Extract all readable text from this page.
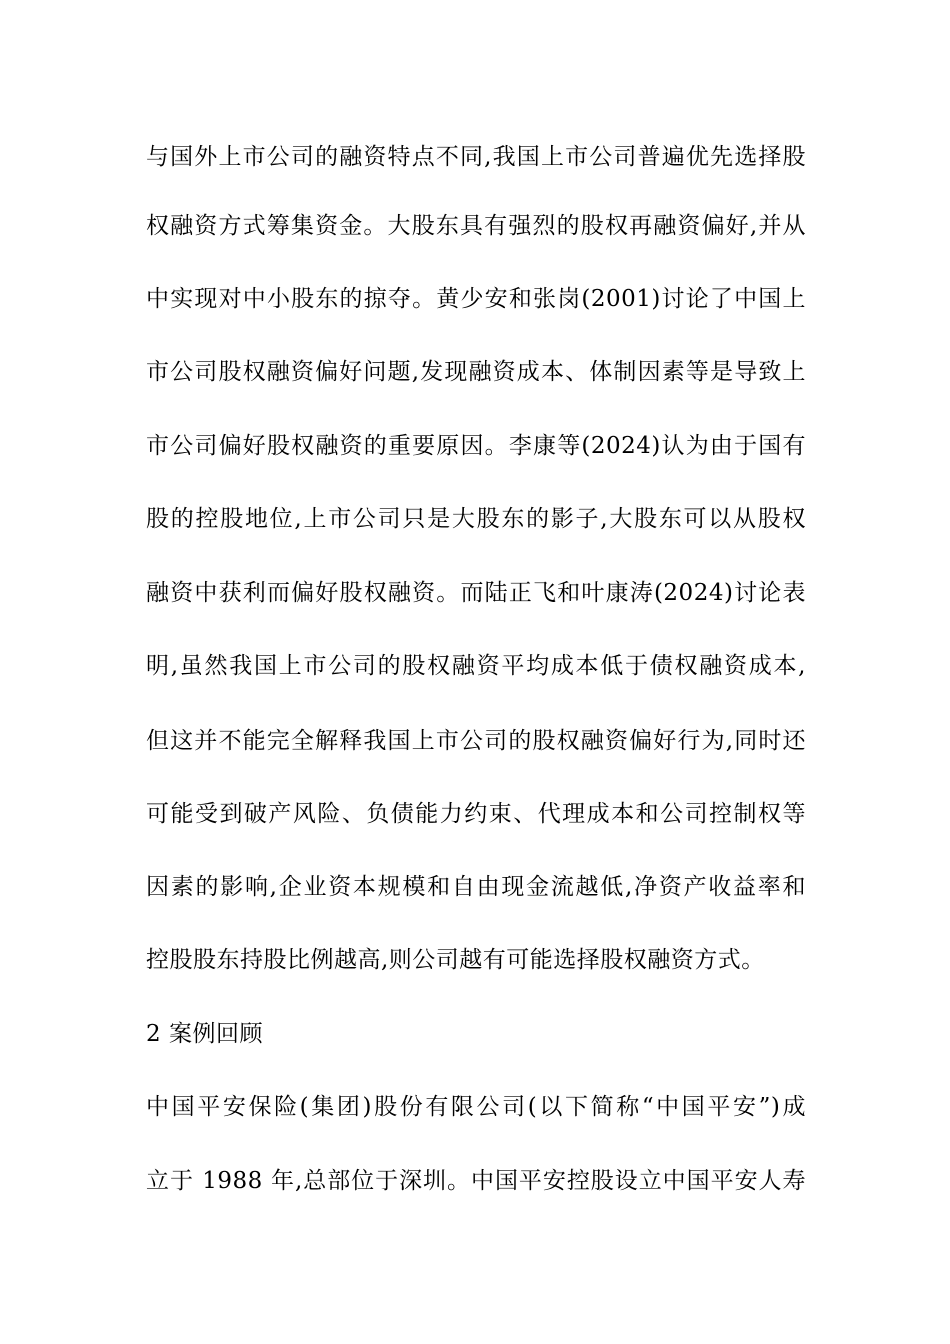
与国外上市公司的融资特点不同,我国上市公司普遍优先选择股
权融资方式筹集资金。大股东具有强烈的股权再融资偏好,并从
中实现对中小股东的掠夺。黄少安和张岗(2001)讨论了中国上
市公司股权融资偏好问题,发现融资成本、体制因素等是导致上
市公司偏好股权融资的重要原因。李康等(2024)认为由于国有
股的控股地位,上市公司只是大股东的影子,大股东可以从股权
融资中获利而偏好股权融资。而陆正飞和叶康涛(2024)讨论表
明,虽然我国上市公司的股权融资平均成本低于债权融资成本,
但这并不能完全解释我国上市公司的股权融资偏好行为,同时还
可能受到破产风险、负债能力约束、代理成本和公司控制权等
因素的影响,企业资本规模和自由现金流越低,净资产收益率和
控股股东持股比例越高,则公司越有可能选择股权融资方式。
2 案例回顾
中国平安保险(集团)股份有限公司(以下简称“中国平安”)成
立于 1988 年,总部位于深圳。中国平安控股设立中国平安人寿
